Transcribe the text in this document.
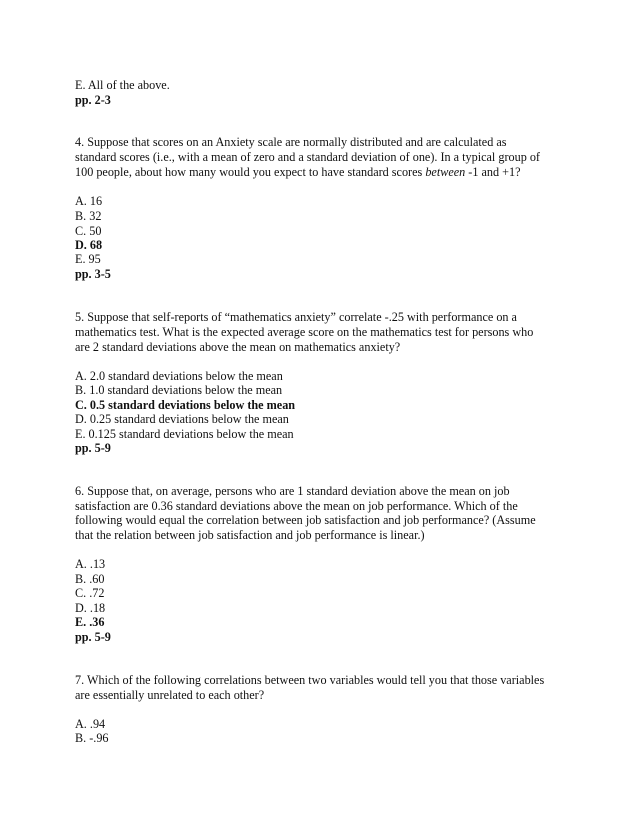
E. All of the above.
pp. 2-3
4. Suppose that scores on an Anxiety scale are normally distributed and are calculated as
standard scores (i.e., with a mean of zero and a standard deviation of one). In a typical group of
100 people, about how many would you expect to have standard scores between -1 and +1?
A. 16
B. 32
C. 50
D. 68
E. 95
pp. 3-5
5. Suppose that self-reports of “mathematics anxiety” correlate -.25 with performance on a
mathematics test. What is the expected average score on the mathematics test for persons who
are 2 standard deviations above the mean on mathematics anxiety?
A. 2.0 standard deviations below the mean
B. 1.0 standard deviations below the mean
C. 0.5 standard deviations below the mean
D. 0.25 standard deviations below the mean
E. 0.125 standard deviations below the mean
pp. 5-9
6. Suppose that, on average, persons who are 1 standard deviation above the mean on job
satisfaction are 0.36 standard deviations above the mean on job performance. Which of the
following would equal the correlation between job satisfaction and job performance? (Assume
that the relation between job satisfaction and job performance is linear.)
A. .13
B. .60
C. .72
D. .18
E. .36
pp. 5-9
7. Which of the following correlations between two variables would tell you that those variables
are essentially unrelated to each other?
A. .94
B. -.96
